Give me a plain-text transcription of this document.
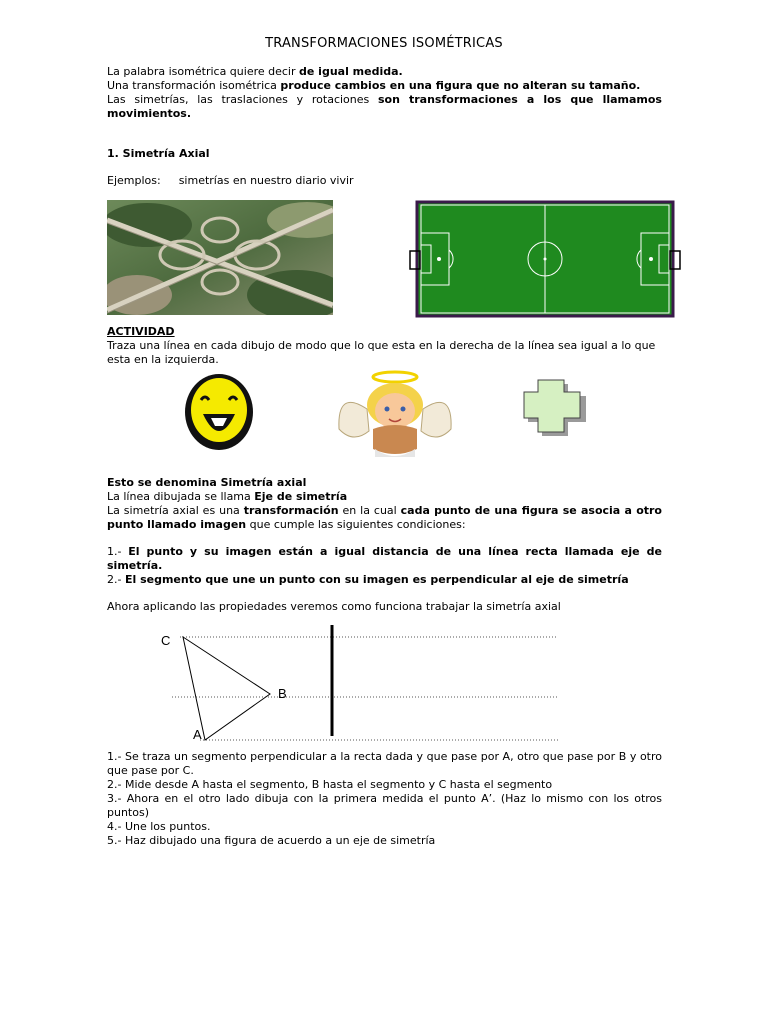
TRANSFORMACIONES ISOMÉTRICAS
La palabra isométrica quiere decir de igual medida.
Una transformación isométrica produce cambios en una figura que no alteran su tamaño.
Las simetrías, las traslaciones y rotaciones son transformaciones a los que llamamos movimientos.
1. Simetría Axial
Ejemplos: simetrías en nuestro diario vivir
ACTIVIDAD
Traza una línea en cada dibujo de modo que lo que esta en la derecha de la línea sea igual a lo que esta en la izquierda.
Esto se denomina Simetría axial
La línea dibujada se llama Eje de simetría
La simetría axial es una transformación en la cual cada punto de una figura se asocia a otro punto llamado imagen que cumple las siguientes condiciones:
1.- El punto y su imagen están a igual distancia de una línea recta llamada eje de simetría.
2.- El segmento que une un punto con su imagen es perpendicular al eje de simetría
Ahora aplicando las propiedades veremos como funciona trabajar la simetría axial
C
B
A
1.- Se traza un segmento perpendicular a la recta dada y que pase por A, otro que pase por B y otro que pase por C.
2.- Mide desde A hasta el segmento, B hasta el segmento y C hasta el segmento
3.- Ahora en el otro lado dibuja con la primera medida el punto A’. (Haz lo mismo con los otros puntos)
4.- Une los puntos.
5.- Haz dibujado una figura de acuerdo a un eje de simetría
